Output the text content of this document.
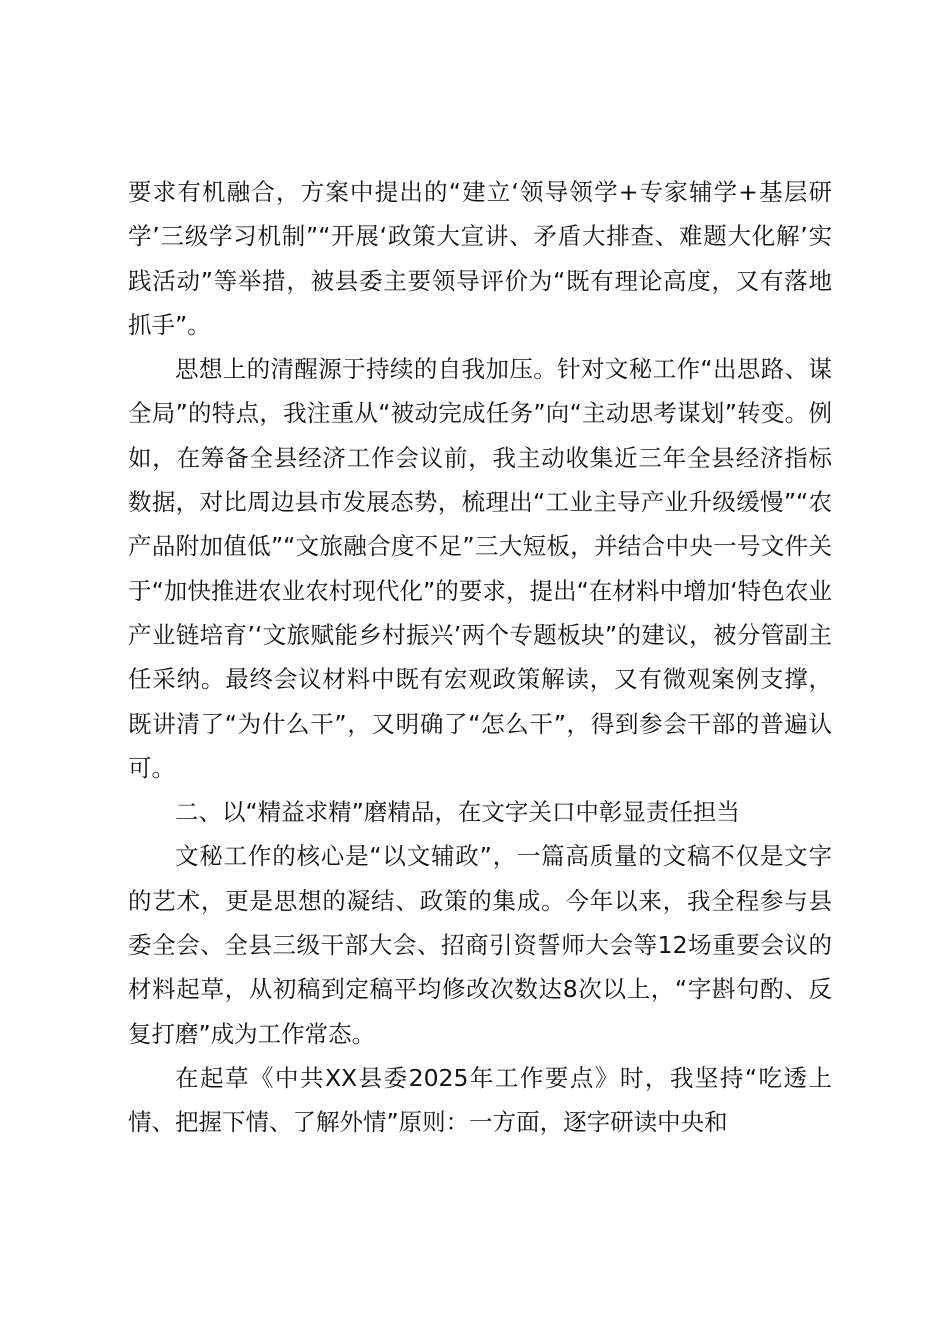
要求有机融合，方案中提出的“建立‘领导领学+专家辅学+基层研学’三级学习机制”“开展‘政策大宣讲、矛盾大排查、难题大化解’实践活动”等举措，被县委主要领导评价为“既有理论高度，又有落地抓手”。

思想上的清醒源于持续的自我加压。针对文秘工作“出思路、谋全局”的特点，我注重从“被动完成任务”向“主动思考谋划”转变。例如，在筹备全县经济工作会议前，我主动收集近三年全县经济指标数据，对比周边县市发展态势，梳理出“工业主导产业升级缓慢”“农产品附加值低”“文旅融合度不足”三大短板，并结合中央一号文件关于“加快推进农业农村现代化”的要求，提出“在材料中增加‘特色农业产业链培育’‘文旅赋能乡村振兴’两个专题板块”的建议，被分管副主任采纳。最终会议材料中既有宏观政策解读，又有微观案例支撑，既讲清了“为什么干”，又明确了“怎么干”，得到参会干部的普遍认可。

二、以“精益求精”磨精品，在文字关口中彰显责任担当

文秘工作的核心是“以文辅政”，一篇高质量的文稿不仅是文字的艺术，更是思想的凝结、政策的集成。今年以来，我全程参与县委全会、全县三级干部大会、招商引资誓师大会等12场重要会议的材料起草，从初稿到定稿平均修改次数达8次以上，“字斟句酌、反复打磨”成为工作常态。

在起草《中共XX县委2025年工作要点》时，我坚持“吃透上情、把握下情、了解外情”原则：一方面，逐字研读中央和
